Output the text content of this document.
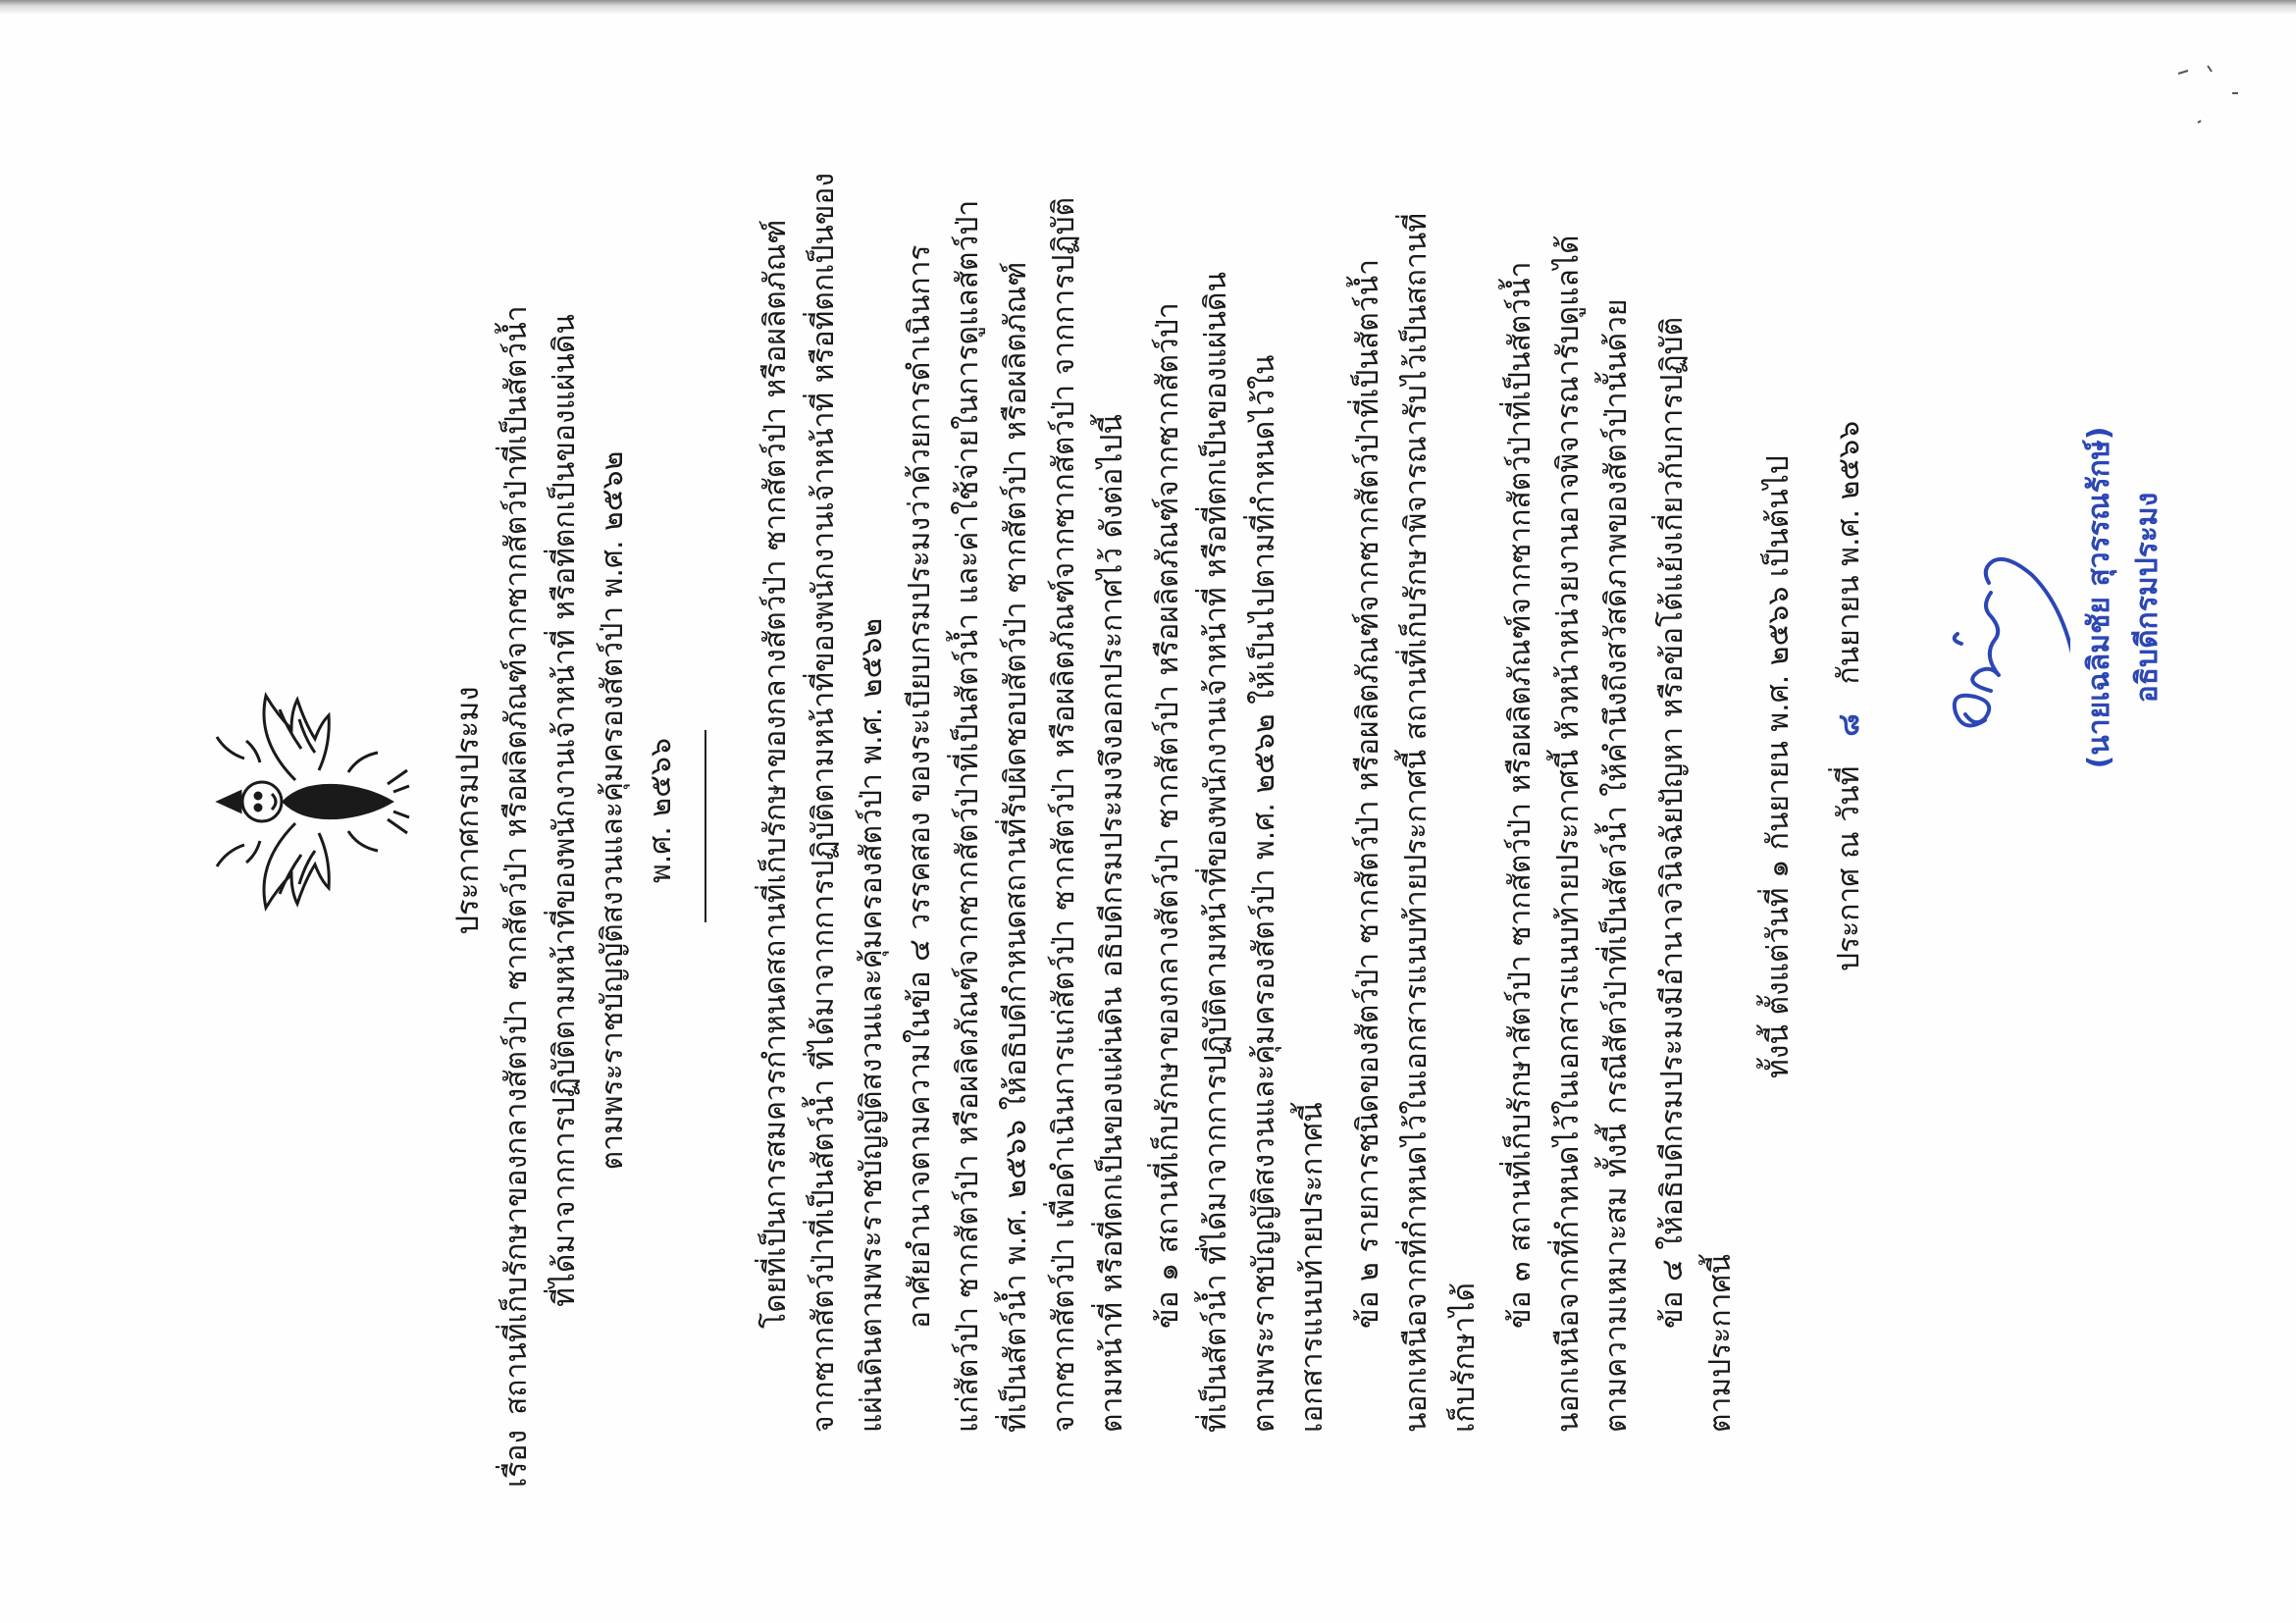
ประกาศกรมประมง
เรื่อง
สถานที่เก็บรักษาของกลางสัตว์ป่า ซากสัตว์ป่า หรือผลิตภัณฑ์จากซากสัตว์ป่าที่เป็นสัตว์น้ำ ที่ได้มาจากการปฏิบัติตามหน้าที่ของพนักงานเจ้าหน้าที่ หรือที่ตกเป็นของแผ่นดิน ตามพระราชบัญญัติสงวนและคุ้มครองสัตว์ป่า พ.ศ. ๒๕๖๒ พ.ศ. ๒๕๖๖	โดยที่เป็นการสมควรกำหนดสถานที่เก็บรักษาของกลางสัตว์ป่า ซากสัตว์ป่า หรือผลิตภัณฑ์ จากซากสัตว์ป่าที่เป็นสัตว์น้ำ ที่ได้มาจากการปฏิบัติตามหน้าที่ของพนักงานเจ้าหน้าที่ หรือที่ตกเป็นของ แผ่นดินตามพระราชบัญญัติสงวนและคุ้มครองสัตว์ป่า พ.ศ. ๒๕๖๒ อาศัยอำนาจตามความในข้อ ๔ วรรคสอง ของระเบียบกรมประมงว่าด้วยการดำเนินการ แก่สัตว์ป่า ซากสัตว์ป่า หรือผลิตภัณฑ์จากซากสัตว์ป่าที่เป็นสัตว์น้ำ และค่าใช้จ่ายในการดูแลสัตว์ป่า ที่เป็นสัตว์น้ำ พ.ศ. ๒๕๖๖ ให้อธิบดีกำหนดสถานที่รับผิดชอบสัตว์ป่า ซากสัตว์ป่า หรือผลิตภัณฑ์ จากซากสัตว์ป่า เพื่อดำเนินการแก่สัตว์ป่า ซากสัตว์ป่า หรือผลิตภัณฑ์จากซากสัตว์ป่า จากการปฏิบัติ ตามหน้าที่ หรือที่ตกเป็นของแผ่นดิน อธิบดีกรมประมงจึงออกประกาศไว้ ดังต่อไปนี้ ข้อ ๑ สถานที่เก็บรักษาของกลางสัตว์ป่า ซากสัตว์ป่า หรือผลิตภัณฑ์จากซากสัตว์ป่า ที่เป็นสัตว์น้ำ ที่ได้มาจากการปฏิบัติตามหน้าที่ของพนักงานเจ้าหน้าที่ หรือที่ตกเป็นของแผ่นดิน ตามพระราชบัญญัติสงวนและคุ้มครองสัตว์ป่า พ.ศ. ๒๕๖๒ ให้เป็นไปตามที่กำหนดไว้ใน เอกสารแนบท้ายประกาศนี้ ข้อ ๒ รายการชนิดของสัตว์ป่า ซากสัตว์ป่า หรือผลิตภัณฑ์จากซากสัตว์ป่าที่เป็นสัตว์น้ำ นอกเหนือจากที่กำหนดไว้ในเอกสารแนบท้ายประกาศนี้ สถานที่เก็บรักษาพิจารณารับไว้เป็นสถานที่ เก็บรักษาได้
ข้อ ๓ สถานที่เก็บรักษาสัตว์ป่า ซากสัตว์ป่า หรือผลิตภัณฑ์จากซากสัตว์ป่าที่เป็นสัตว์น้ำ นอกเหนือจากที่กำหนดไว้ในเอกสารแนบท้ายประกาศนี้ หัวหน้าหน่วยงานอาจพิจารณารับดูแลได้ ตามความเหมาะสม ทั้งนี้ กรณีสัตว์ป่าที่เป็นสัตว์น้ำ ให้คำนึงถึงสวัสดิภาพของสัตว์ป่านั้นด้วย ข้อ ๔ ให้อธิบดีกรมประมงมีอำนาจวินิจฉัยปัญหา หรือข้อโต้แย้งเกี่ยวกับการปฏิบัติ
ตามประกาศนี้
ทั้งนี้ ตั้งแต่วันที่ ๑ กันยายน พ.ศ. ๒๕๖๖ เป็นต้นไป ประกาศ ณ วันที่ ๘ กันยายน พ.ศ. ๒๕๖๖	(นายเฉลิมชัย สุวรรณรักษ์) อธิบดีกรมประมง
